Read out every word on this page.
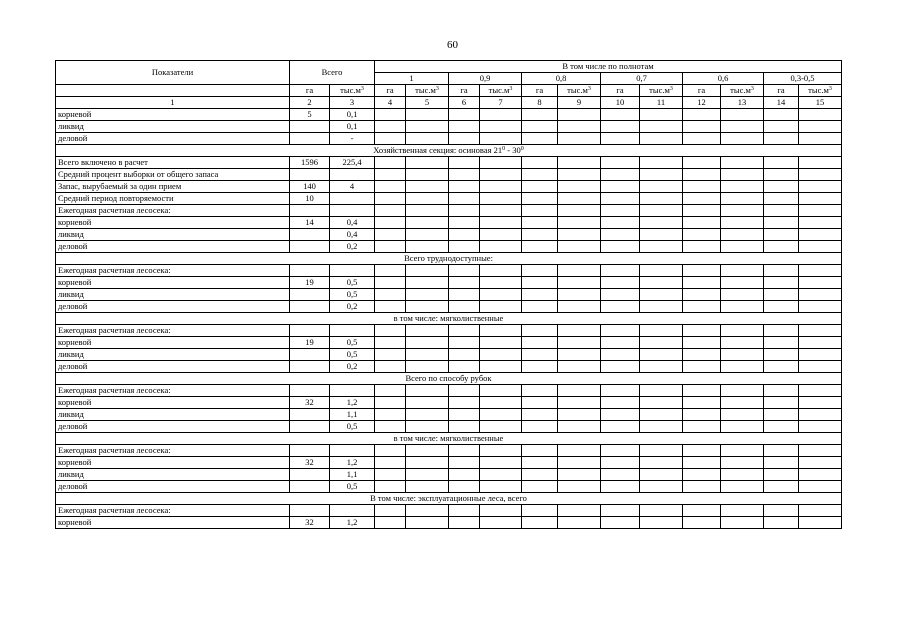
60
Показатели	Всего		В том числе по полнотам											
			1		0,9		0,8		0,7		0,6		0,3-0,5	
	га	$тыс.м^3$	га	$тыс.м^3$	га	$тыс.м^3$	га	$тыс.м^3$	га	$тыс.м^3$	га	$тыс.м^3$	га	$тыс.м^3$
1	2	3	4	5	6	7	8	9	10	11	12	13	14	15
корневой	5	0,1												
ликвид		0,1												
деловой		-												
Хозяйственная секция: осиновая $21^0 - 30^0$
Всего включено в расчет	1596	225,4												
Средний процент выборки от общего запаса														
Запас, вырубаемый за один прием	140	4												
Средний период повторяемости	10													
Ежегодная расчетная лесосека:														
корневой	14	0,4												
ликвид		0,4												
деловой		0,2												
Всего труднодоступные:														
Ежегодная расчетная лесосека:														
корневой	19	0,5												
ликвид		0,5												
деловой		0,2												
в том числе: мягколиственные														
Ежегодная расчетная лесосека:														
корневой	19	0,5												
ликвид		0,5												
деловой		0,2												
Всего по способу рубок														
Ежегодная расчетная лесосека:														
корневой	32	1,2												
ликвид		1,1												
деловой		0,5												
в том числе: мягколиственные														
Ежегодная расчетная лесосека:														
корневой	32	1,2												
ликвид		1,1												
деловой		0,5												
В том числе: эксплуатационные леса, всего														
Ежегодная расчетная лесосека:														
корневой	32	1,2												
